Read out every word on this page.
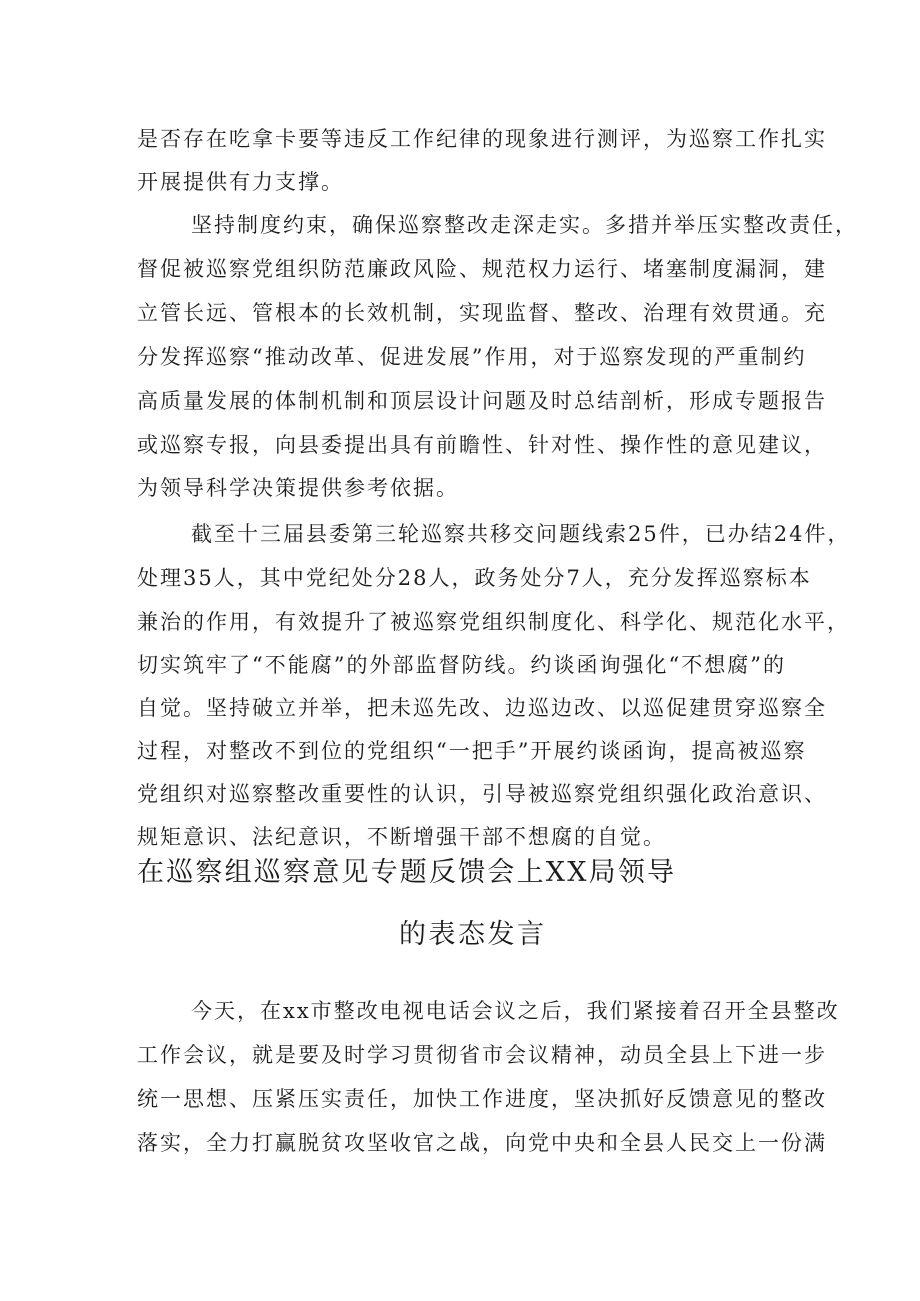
是否存在吃拿卡要等违反工作纪律的现象进行测评，为巡察工作扎实
开展提供有力支撑。
坚持制度约束，确保巡察整改走深走实。多措并举压实整改责任，
督促被巡察党组织防范廉政风险、规范权力运行、堵塞制度漏洞，建
立管长远、管根本的长效机制，实现监督、整改、治理有效贯通。充
分发挥巡察“推动改革、促进发展”作用，对于巡察发现的严重制约
高质量发展的体制机制和顶层设计问题及时总结剖析，形成专题报告
或巡察专报，向县委提出具有前瞻性、针对性、操作性的意见建议，
为领导科学决策提供参考依据。
截至十三届县委第三轮巡察共移交问题线索25件，已办结24件，
处理35人，其中党纪处分28人，政务处分7人，充分发挥巡察标本
兼治的作用，有效提升了被巡察党组织制度化、科学化、规范化水平，
切实筑牢了“不能腐”的外部监督防线。约谈函询强化“不想腐”的
自觉。坚持破立并举，把未巡先改、边巡边改、以巡促建贯穿巡察全
过程，对整改不到位的党组织“一把手”开展约谈函询，提高被巡察
党组织对巡察整改重要性的认识，引导被巡察党组织强化政治意识、
规矩意识、法纪意识，不断增强干部不想腐的自觉。
在巡察组巡察意见专题反馈会上XX局领导
的表态发言
今天，在xx市整改电视电话会议之后，我们紧接着召开全县整改
工作会议，就是要及时学习贯彻省市会议精神，动员全县上下进一步
统一思想、压紧压实责任，加快工作进度，坚决抓好反馈意见的整改
落实，全力打赢脱贫攻坚收官之战，向党中央和全县人民交上一份满
